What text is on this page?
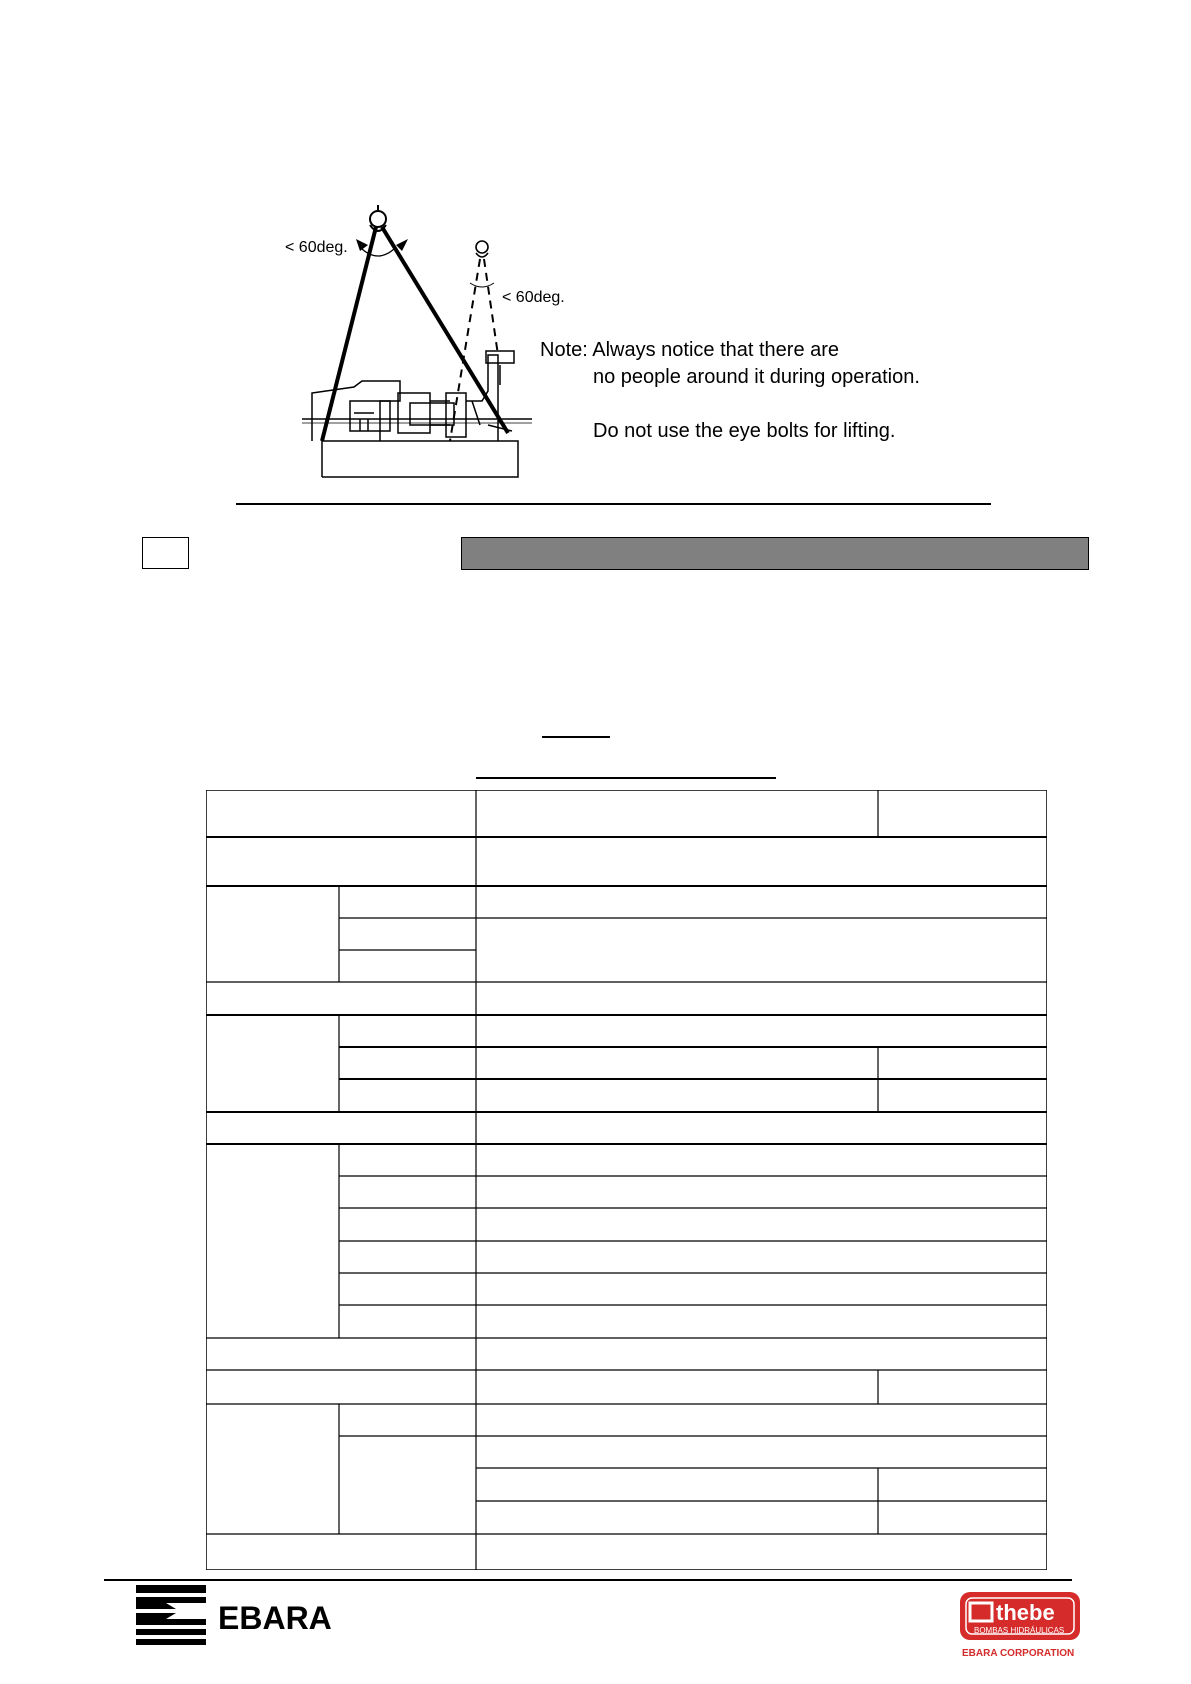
< 60deg.
< 60deg.
Note: Always notice that there are
no people around it during operation.
Do not use the eye bolts for lifting.
EBARA	thebe
BOMBAS HIDRÁULICAS
EBARA CORPORATION
